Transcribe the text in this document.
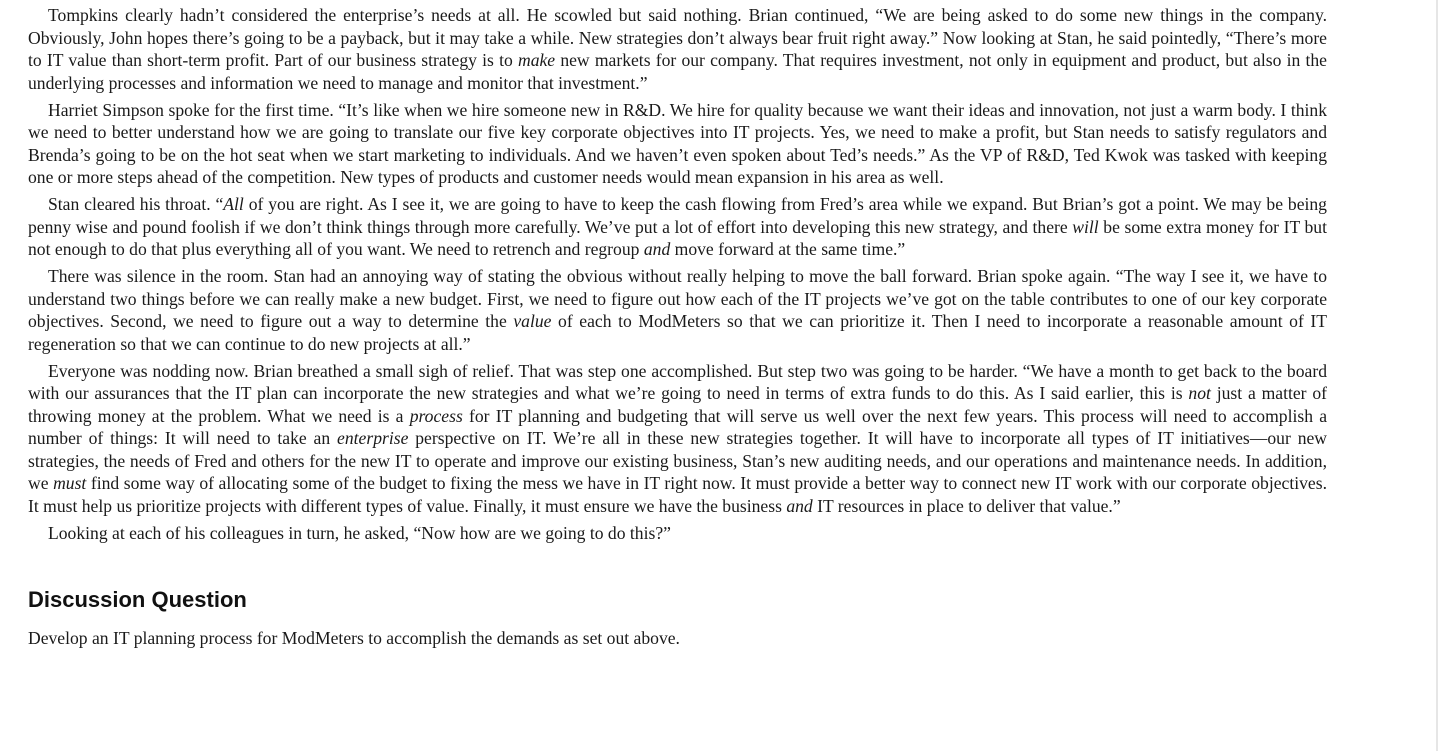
Tompkins clearly hadn’t considered the enterprise’s needs at all. He scowled but said nothing. Brian continued, “We are being asked to do some new things in the company. Obviously, John hopes there’s going to be a payback, but it may take a while. New strategies don’t always bear fruit right away.” Now looking at Stan, he said pointedly, “There’s more to IT value than short-term profit. Part of our business strategy is to make new markets for our company. That requires investment, not only in equipment and product, but also in the underlying processes and information we need to manage and monitor that investment.”

Harriet Simpson spoke for the first time. “It’s like when we hire someone new in R&D. We hire for quality because we want their ideas and innovation, not just a warm body. I think we need to better understand how we are going to translate our five key corporate objectives into IT projects. Yes, we need to make a profit, but Stan needs to satisfy regulators and Brenda’s going to be on the hot seat when we start marketing to individuals. And we haven’t even spoken about Ted’s needs.” As the VP of R&D, Ted Kwok was tasked with keeping one or more steps ahead of the competition. New types of products and customer needs would mean expansion in his area as well.

Stan cleared his throat. “All of you are right. As I see it, we are going to have to keep the cash flowing from Fred’s area while we expand. But Brian’s got a point. We may be being penny wise and pound foolish if we don’t think things through more carefully. We’ve put a lot of effort into developing this new strategy, and there will be some extra money for IT but not enough to do that plus everything all of you want. We need to retrench and regroup and move forward at the same time.”

There was silence in the room. Stan had an annoying way of stating the obvious without really helping to move the ball forward. Brian spoke again. “The way I see it, we have to understand two things before we can really make a new budget. First, we need to figure out how each of the IT projects we’ve got on the table contributes to one of our key corporate objectives. Second, we need to figure out a way to determine the value of each to ModMeters so that we can prioritize it. Then I need to incorporate a reasonable amount of IT regeneration so that we can continue to do new projects at all.”

Everyone was nodding now. Brian breathed a small sigh of relief. That was step one accomplished. But step two was going to be harder. “We have a month to get back to the board with our assurances that the IT plan can incorporate the new strategies and what we’re going to need in terms of extra funds to do this. As I said earlier, this is not just a matter of throwing money at the problem. What we need is a process for IT planning and budgeting that will serve us well over the next few years. This process will need to accomplish a number of things: It will need to take an enterprise perspective on IT. We’re all in these new strategies together. It will have to incorporate all types of IT initiatives—our new strategies, the needs of Fred and others for the new IT to operate and improve our existing business, Stan’s new auditing needs, and our operations and maintenance needs. In addition, we must find some way of allocating some of the budget to fixing the mess we have in IT right now. It must provide a better way to connect new IT work with our corporate objectives. It must help us prioritize projects with different types of value. Finally, it must ensure we have the business and IT resources in place to deliver that value.”

Looking at each of his colleagues in turn, he asked, “Now how are we going to do this?”

Discussion Question

Develop an IT planning process for ModMeters to accomplish the demands as set out above.
